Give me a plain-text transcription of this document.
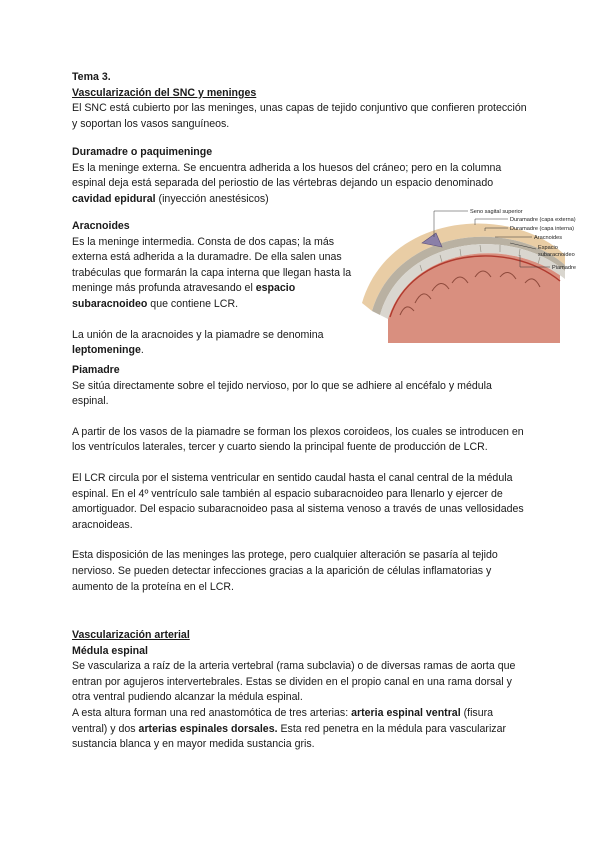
Tema 3.

Vascularización del SNC y meninges

El SNC está cubierto por las meninges, unas capas de tejido conjuntivo que confieren protección y soportan los vasos sanguíneos.

Duramadre o paquimeninge

Es la meninge externa. Se encuentra adherida a los huesos del cráneo; pero en la columna espinal deja está separada del periostio de las vértebras dejando un espacio denominado cavidad epidural (inyección anestésicos)

Aracnoides

Es la meninge intermedia. Consta de dos capas; la más externa está adherida a la duramadre. De ella salen unas trabéculas que formarán la capa interna que llegan hasta la meninge más profunda atravesando el espacio subaracnoideo que contiene LCR.

La unión de la aracnoides y la piamadre se denomina leptomeninge.

Piamadre

Se sitúa directamente sobre el tejido nervioso, por lo que se adhiere al encéfalo y médula espinal.

A partir de los vasos de la piamadre se forman los plexos coroideos, los cuales se introducen en los ventrículos laterales, tercer y cuarto siendo la principal fuente de producción de LCR.

El LCR circula por el sistema ventricular en sentido caudal hasta el canal central de la médula espinal. En el 4º ventrículo sale también al espacio subaracnoideo para llenarlo y ejercer de amortiguador. Del espacio subaracnoideo pasa al sistema venoso a través de unas vellosidades aracnoideas.

Esta disposición de las meninges las protege, pero cualquier alteración se pasaría al tejido nervioso. Se pueden detectar infecciones gracias a la aparición de células inflamatorias y aumento de la proteína en el LCR.

Vascularización arterial

Médula espinal

Se vasculariza a raíz de la arteria vertebral (rama subclavia) o de diversas ramas de aorta que entran por agujeros intervertebrales. Estas se dividen en el propio canal en una rama dorsal y otra ventral pudiendo alcanzar la médula espinal.

A esta altura forman una red anastomótica de tres arterias: arteria espinal ventral (fisura ventral) y dos arterias espinales dorsales. Esta red penetra en la médula para vascularizar sustancia blanca y en mayor medida sustancia gris.

Seno sagital superior
Duramadre (capa externa)
Duramadre (capa interna)
Aracnoides
Espacio
subaracnoideo
Piamadre
